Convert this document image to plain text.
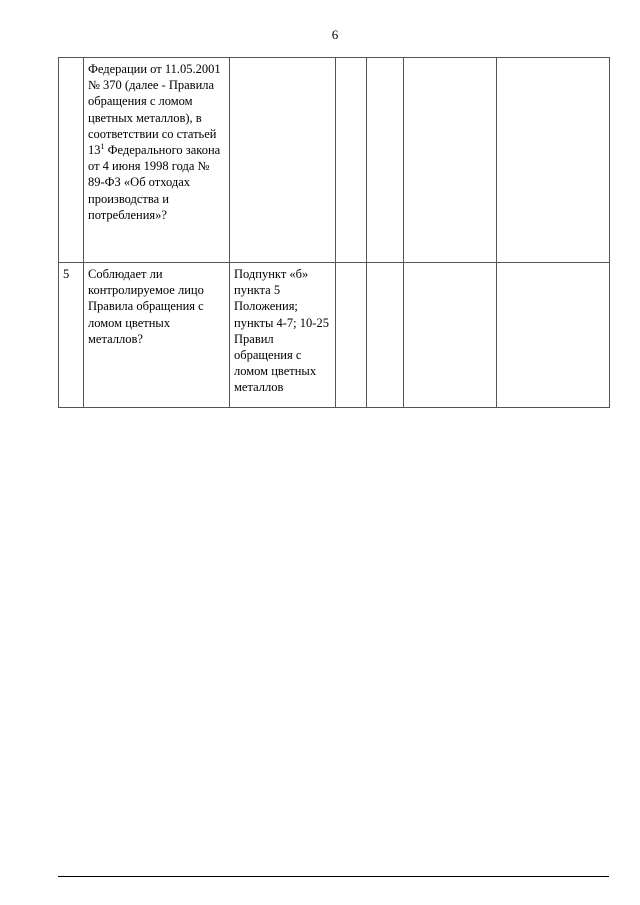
6
	Федерации от 11.05.2001 № 370 (далее - Правила обращения с ломом цветных металлов), в соответствии со статьей $13^1$ Федерального закона от 4 июня 1998 года № 89-ФЗ «Об отходах производства и потребления»?					
5	Соблюдает ли контролируемое лицо Правила обращения с ломом цветных металлов?	Подпункт «б» пункта 5 Положения; пункты 4-7; 10-25 Правил обращения с ломом цветных металлов				
